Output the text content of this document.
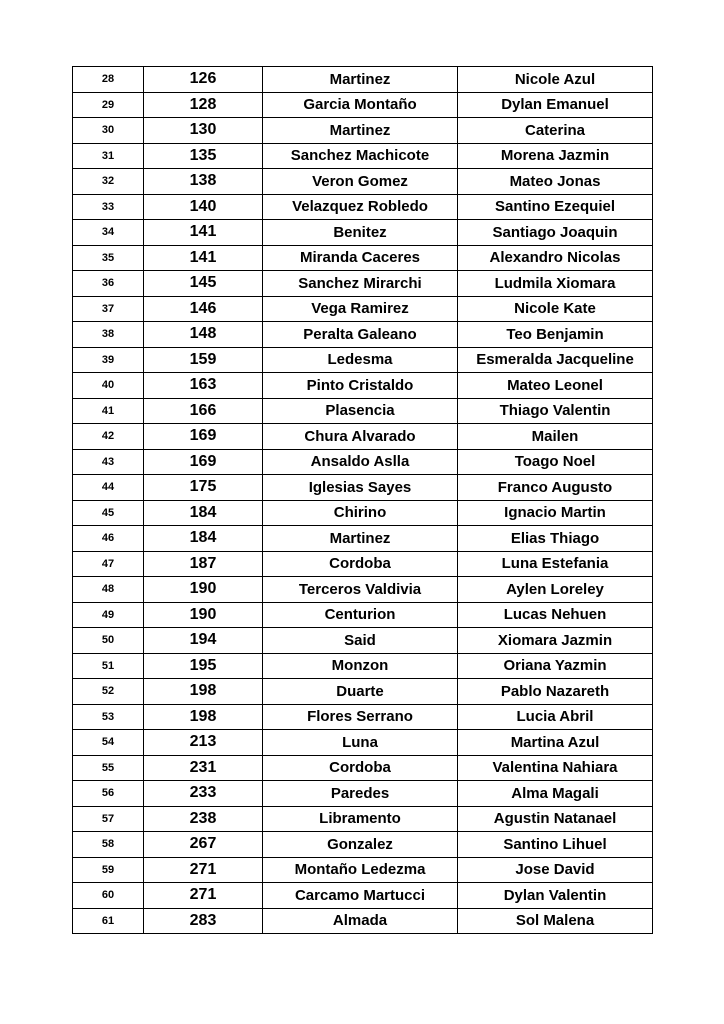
28	126	Martinez	Nicole Azul
29	128	Garcia Montaño	Dylan Emanuel
30	130	Martinez	Caterina
31	135	Sanchez Machicote	Morena Jazmin
32	138	Veron Gomez	Mateo Jonas
33	140	Velazquez Robledo	Santino Ezequiel
34	141	Benitez	Santiago Joaquin
35	141	Miranda Caceres	Alexandro Nicolas
36	145	Sanchez Mirarchi	Ludmila Xiomara
37	146	Vega Ramirez	Nicole Kate
38	148	Peralta Galeano	Teo Benjamin
39	159	Ledesma	Esmeralda Jacqueline
40	163	Pinto Cristaldo	Mateo Leonel
41	166	Plasencia	Thiago Valentin
42	169	Chura Alvarado	Mailen
43	169	Ansaldo Aslla	Toago Noel
44	175	Iglesias Sayes	Franco Augusto
45	184	Chirino	Ignacio Martin
46	184	Martinez	Elias Thiago
47	187	Cordoba	Luna Estefania
48	190	Terceros Valdivia	Aylen Loreley
49	190	Centurion	Lucas Nehuen
50	194	Said	Xiomara Jazmin
51	195	Monzon	Oriana Yazmin
52	198	Duarte	Pablo Nazareth
53	198	Flores Serrano	Lucia Abril
54	213	Luna	Martina Azul
55	231	Cordoba	Valentina Nahiara
56	233	Paredes	Alma Magali
57	238	Libramento	Agustin Natanael
58	267	Gonzalez	Santino Lihuel
59	271	Montaño Ledezma	Jose David
60	271	Carcamo Martucci	Dylan Valentin
61	283	Almada	Sol Malena
